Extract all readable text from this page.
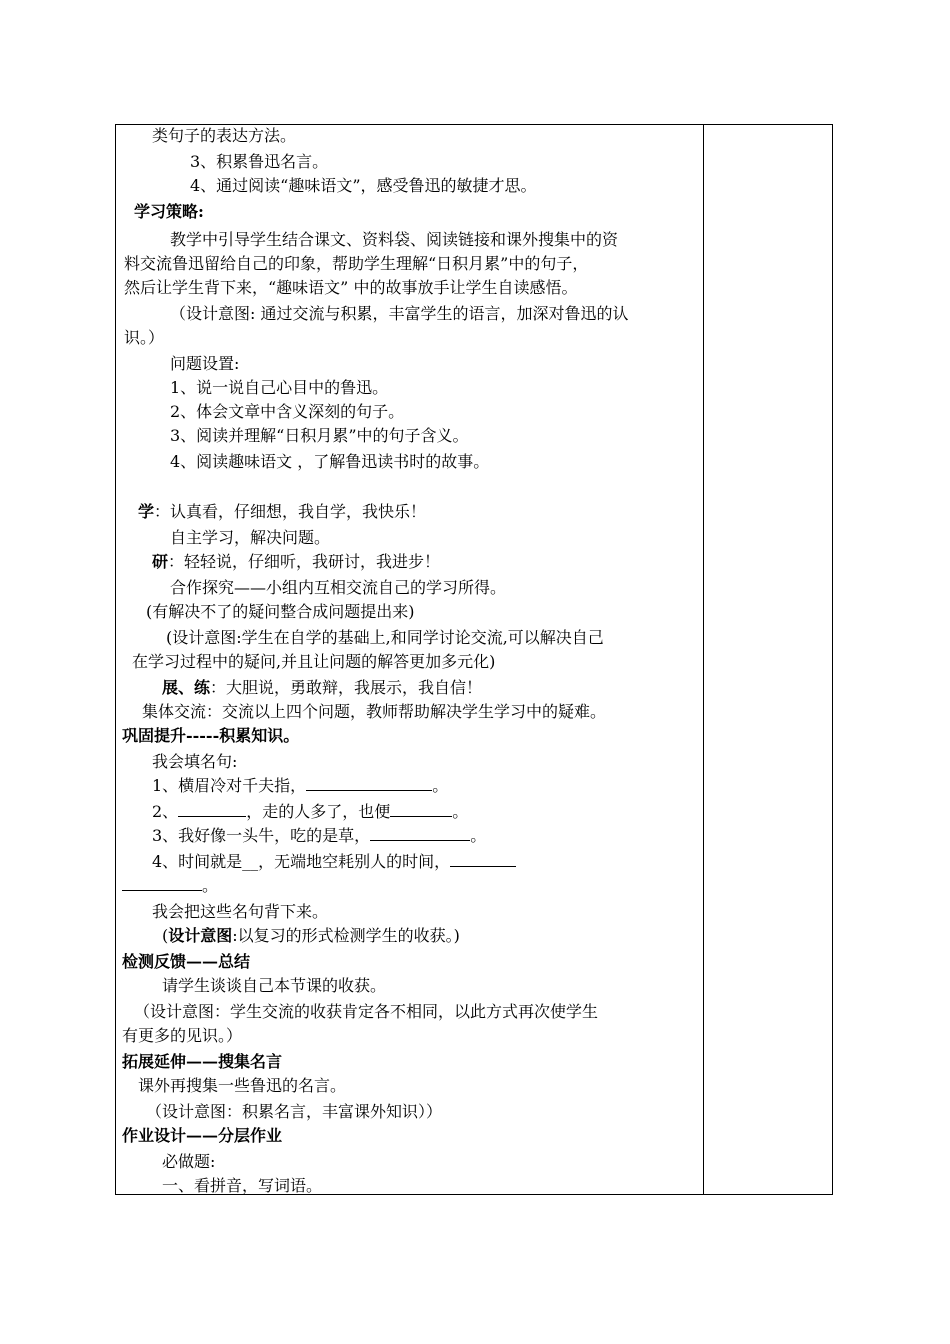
类句子的表达方法。
3、积累鲁迅名言。
4、通过阅读“趣味语文”，感受鲁迅的敏捷才思。
学习策略:
教学中引导学生结合课文、资料袋、阅读链接和课外搜集中的资
料交流鲁迅留给自己的印象，帮助学生理解“日积月累”中的句子，
然后让学生背下来，“趣味语文” 中的故事放手让学生自读感悟。
（设计意图: 通过交流与积累，丰富学生的语言，加深对鲁迅的认
识。）
问题设置:
1、说一说自己心目中的鲁迅。
2、体会文章中含义深刻的句子。
3、阅读并理解“日积月累”中的句子含义。
4、阅读趣味语文 ，了解鲁迅读书时的故事。
学：认真看，仔细想，我自学，我快乐！
自主学习，解决问题。
研：轻轻说，仔细听，我研讨，我进步！
合作探究——小组内互相交流自己的学习所得。
(有解决不了的疑问整合成问题提出来)
(设计意图:学生在自学的基础上,和同学讨论交流,可以解决自己
在学习过程中的疑问,并且让问题的解答更加多元化)
展、练：大胆说，勇敢辩，我展示，我自信！
集体交流：交流以上四个问题，教师帮助解决学生学习中的疑难。
巩固提升-----积累知识。
我会填名句:
1、横眉冷对千夫指，	。
2、	，走的人多了，也便	。
3、我好像一头牛，吃的是草，	。
4、时间就是__，无端地空耗别人的时间，
。
我会把这些名句背下来。
(设计意图:以复习的形式检测学生的收获。)
检测反馈——总结
请学生谈谈自己本节课的收获。
（设计意图：学生交流的收获肯定各不相同，以此方式再次使学生
有更多的见识。）
拓展延伸——搜集名言
课外再搜集一些鲁迅的名言。
（设计意图：积累名言，丰富课外知识））
作业设计——分层作业
必做题:
一、看拼音，写词语。
